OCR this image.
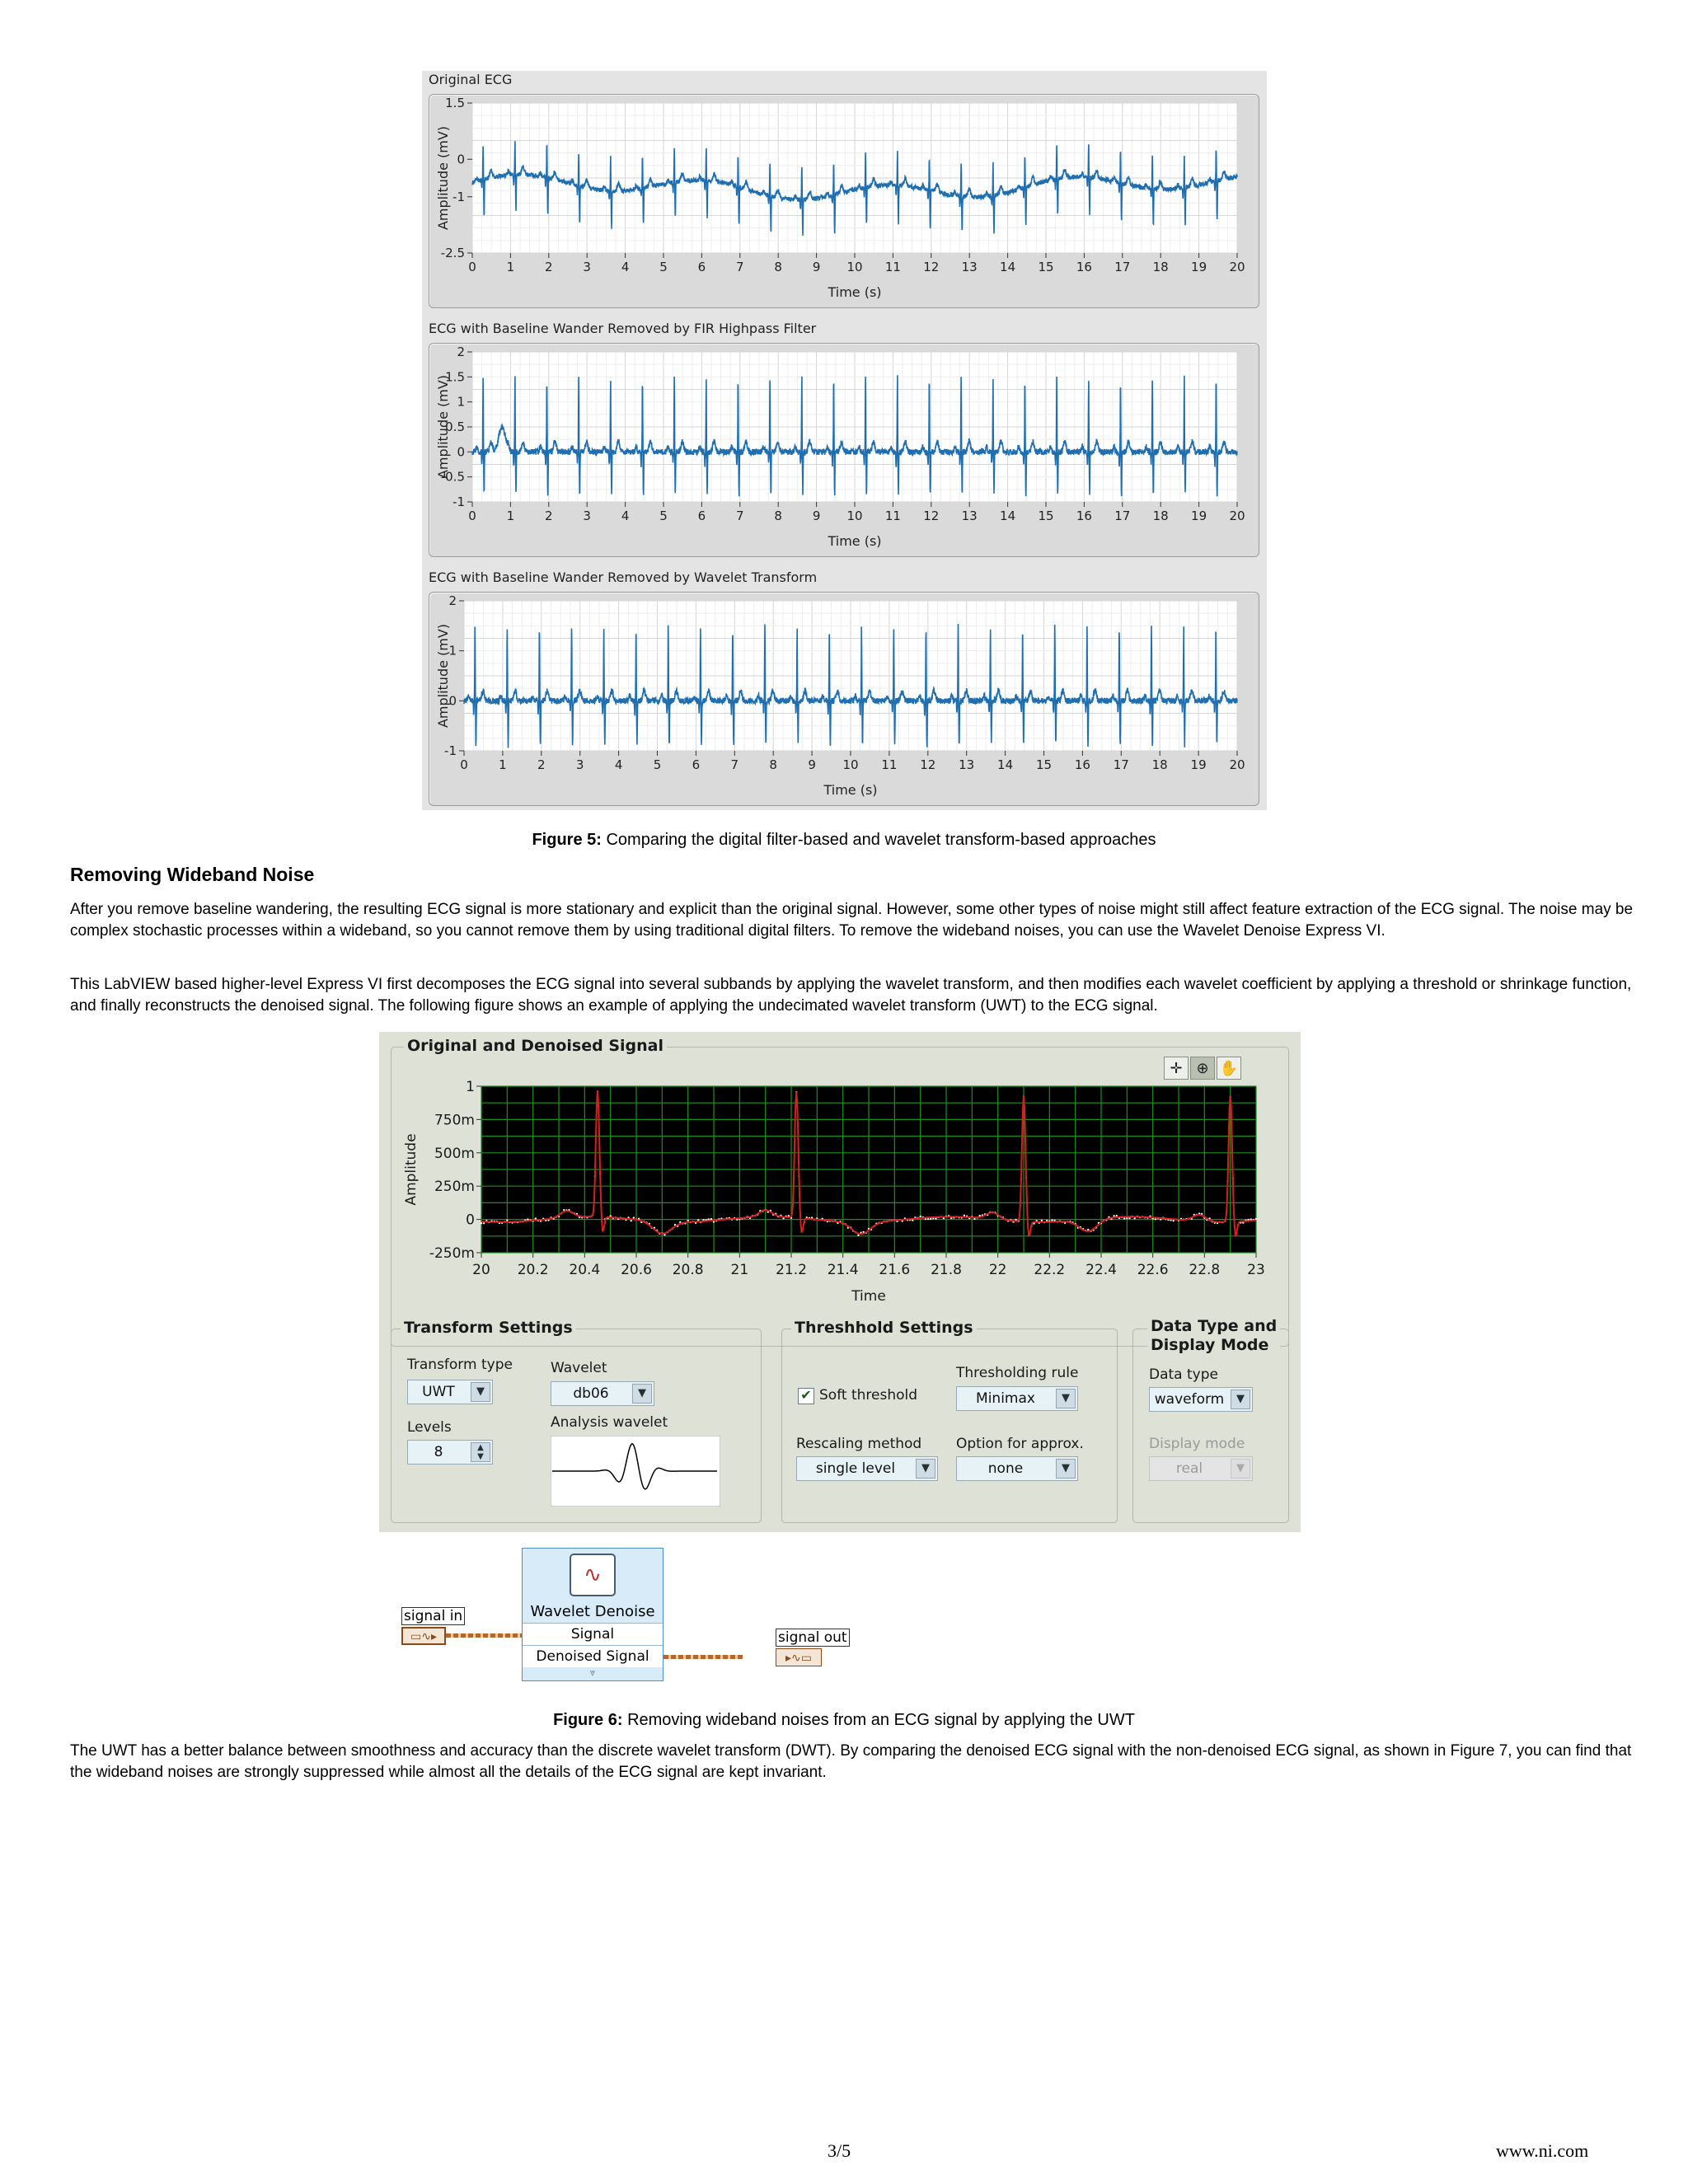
Original ECG
1.5
0
-1
-2.5
0 1 2 3 4 5 6 7 8 9 10 11 12 13 14 15 16 17 18 19 20
Time (s)
Amplitude (mV)
ECG with Baseline Wander Removed by FIR Highpass Filter
2
1.5
1
0.5
0
-0.5
-1
0 1 2 3 4 5 6 7 8 9 10 11 12 13 14 15 16 17 18 19 20
Time (s)
Amplitude (mV)
ECG with Baseline Wander Removed by Wavelet Transform
2
1
0
-1
0 1 2 3 4 5 6 7 8 9 10 11 12 13 14 15 16 17 18 19 20
Time (s)
Amplitude (mV)
Figure 5: Comparing the digital filter-based and wavelet transform-based approaches
Removing Wideband Noise
After you remove baseline wandering, the resulting ECG signal is more stationary and explicit than the original signal. However, some other types of noise might still affect feature extraction of the ECG signal. The noise may be complex stochastic processes within a wideband, so you cannot remove them by using traditional digital filters. To remove the wideband noises, you can use the Wavelet Denoise Express VI.
This LabVIEW based higher-level Express VI first decomposes the ECG signal into several subbands by applying the wavelet transform, and then modifies each wavelet coefficient by applying a threshold or shrinkage function, and finally reconstructs the denoised signal. The following figure shows an example of applying the undecimated wavelet transform (UWT) to the ECG signal.
Original and Denoised Signal
✛ ⊕ ✋
1
750m
500m
250m
0
-250m
20 20.2 20.4 20.6 20.8 21 21.2 21.4 21.6 21.8 22 22.2 22.4 22.6 22.8 23
Time
Amplitude
Transform Settings
Transform type
UWT	▼
Wavelet
db06	▼
Levels
8	▲
▼
Analysis wavelet
Threshhold Settings
✔ Soft threshold
Thresholding rule
Minimax	▼
Rescaling method
single level	▼
Option for approx.
none	▼
Data Type and
Display Mode
Data type
waveform	▼
Display mode
real	▼
signal in
▭∿▸
∿
Wavelet Denoise
Signal
Denoised Signal
⩔
signal out
▸∿▭
Figure 6: Removing wideband noises from an ECG signal by applying the UWT
The UWT has a better balance between smoothness and accuracy than the discrete wavelet transform (DWT). By comparing the denoised ECG signal with the non-denoised ECG signal, as shown in Figure 7, you can find that the wideband noises are strongly suppressed while almost all the details of the ECG signal are kept invariant.
3/5	www.ni.com
